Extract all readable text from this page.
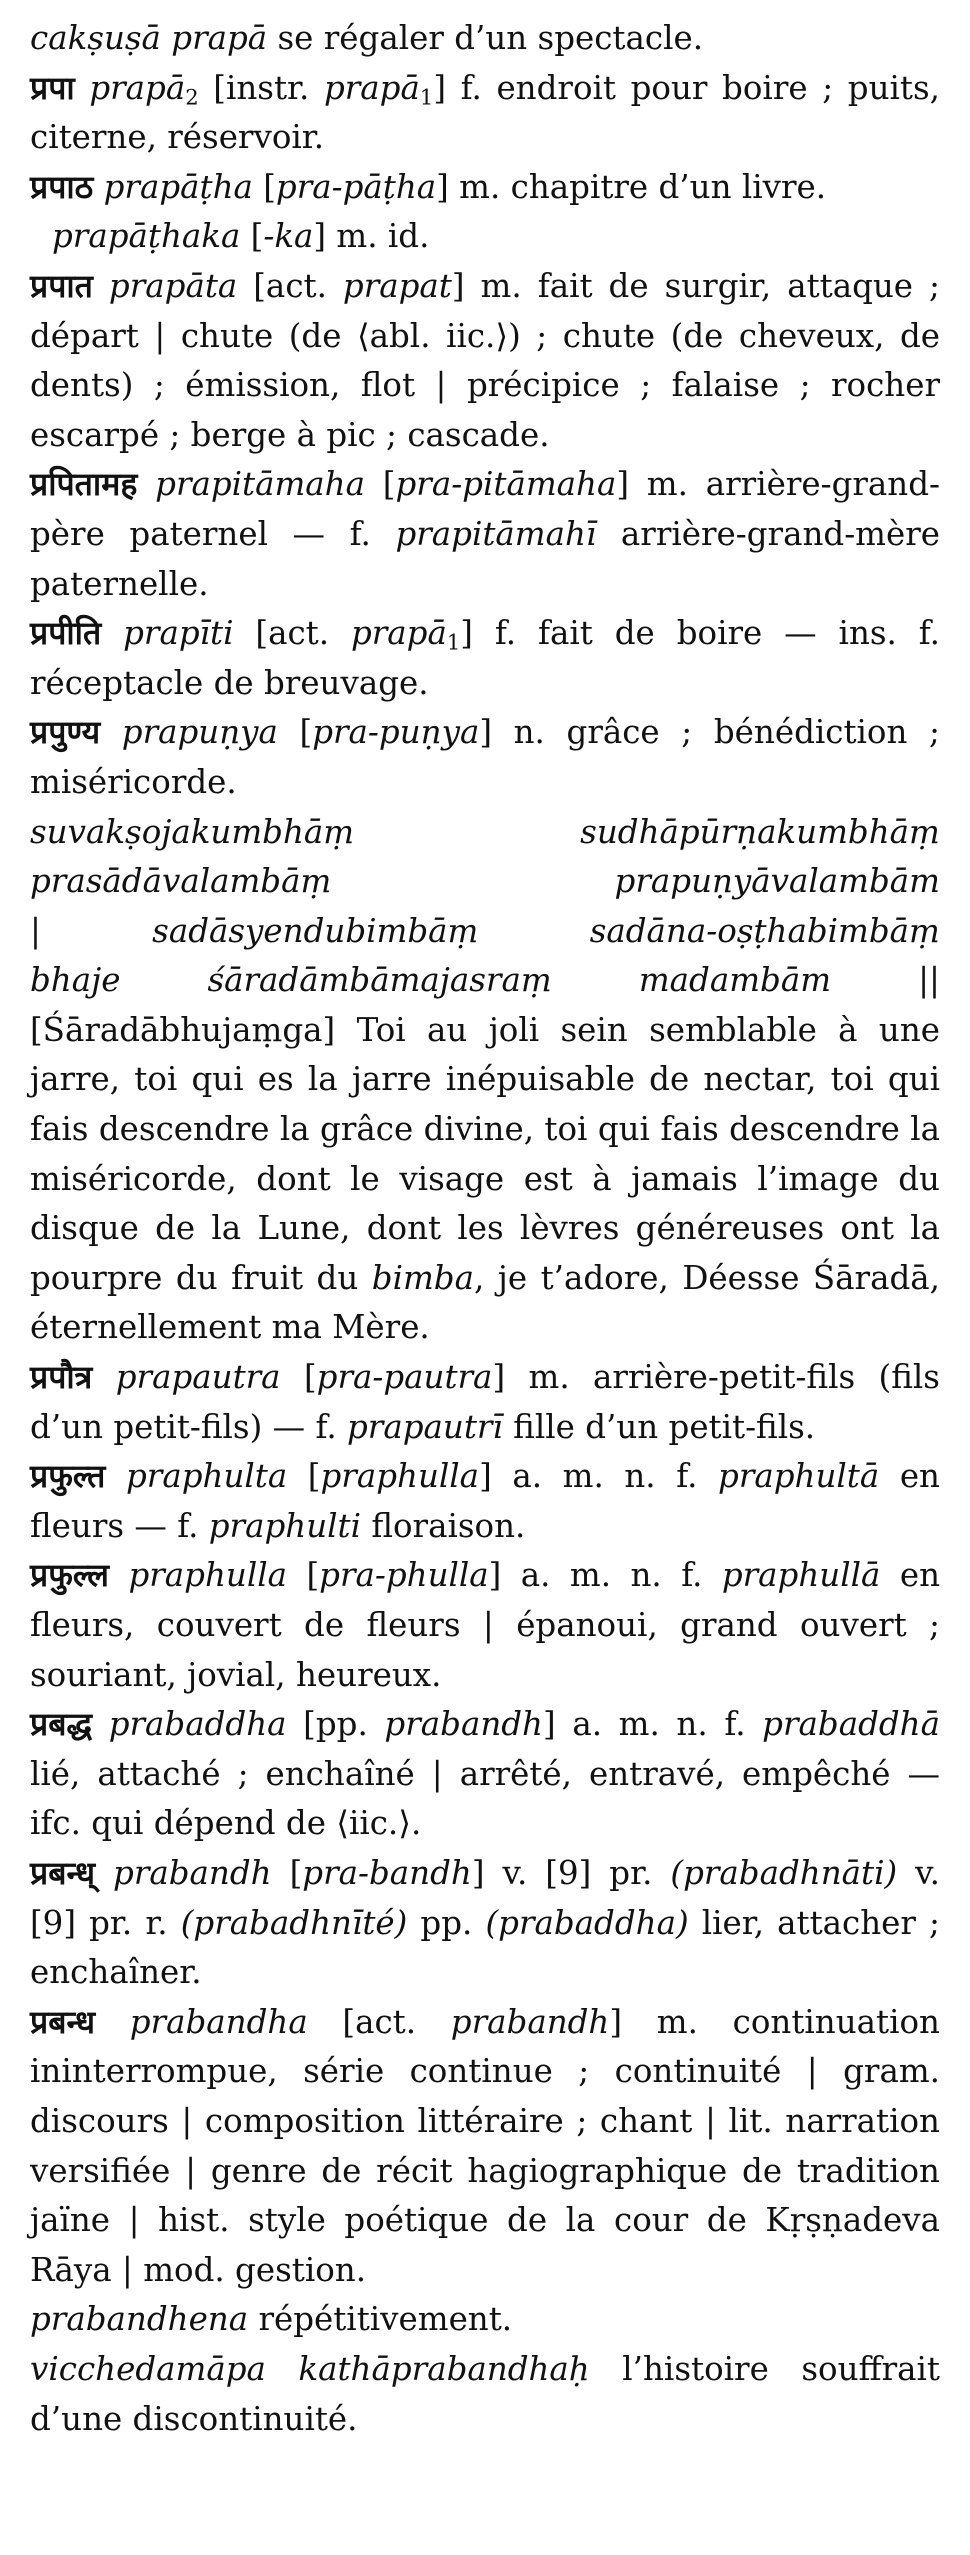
cakṣuṣā prapā se régaler d’un spectacle.

प्रपा prapā$_2$ [instr. prapā$_1$] f. endroit pour boire ; puits, citerne, réservoir.

प्रपाठ prapāṭha [pra-pāṭha] m. chapitre d’un livre.

prapāṭhaka [-ka] m. id.

प्रपात prapāta [act. prapat] m. fait de surgir, attaque ; départ | chute (de ⟨abl. iic.⟩) ; chute (de cheveux, de dents) ; émission, flot | précipice ; falaise ; rocher escarpé ; berge à pic ; cascade.

प्रपितामह prapitāmaha [pra-pitāmaha] m. arrière-grand-père paternel — f. prapitāmahī arrière-grand-mère paternelle.

प्रपीति prapīti [act. prapā$_1$] f. fait de boire — ins. f. réceptacle de breuvage.

प्रपुण्य prapuṇya [pra-puṇya] n. grâce ; bénédiction ; miséricorde.

suvakṣojakumbhāṃ	sudhāpūrṇakumbhāṃ

prasādāvalambāṃ	prapuṇyāvalambām

|	sadāsyendubimbāṃ	sadāna-oṣṭhabimbāṃ

bhaje	śāradāmbāmajasraṃ	madambām	||

[Śāradābhujaṃga] Toi au joli sein semblable à une jarre, toi qui es la jarre inépuisable de nectar, toi qui fais descendre la grâce divine, toi qui fais descendre la miséricorde, dont le visage est à jamais l’image du disque de la Lune, dont les lèvres généreuses ont la pourpre du fruit du bimba, je t’adore, Déesse Śāradā, éternellement ma Mère.

प्रपौत्र prapautra [pra-pautra] m. arrière-petit-fils (fils d’un petit-fils) — f. prapautrī fille d’un petit-fils.

प्रफुल्त praphulta [praphulla] a. m. n. f. praphultā en fleurs — f. praphulti floraison.

प्रफुल्ल praphulla [pra-phulla] a. m. n. f. praphullā en fleurs, couvert de fleurs | épanoui, grand ouvert ; souriant, jovial, heureux.

प्रबद्ध prabaddha [pp. prabandh] a. m. n. f. prabaddhā lié, attaché ; enchaîné | arrêté, entravé, empêché — ifc. qui dépend de ⟨iic.⟩.

प्रबन्ध् prabandh [pra-bandh] v. [9] pr. (prabadhnāti) v. [9] pr. r. (prabadhnīté) pp. (prabaddha) lier, attacher ; enchaîner.

प्रबन्ध prabandha [act. prabandh] m. continuation ininterrompue, série continue ; continuité | gram. discours | composition littéraire ; chant | lit. narration versifiée | genre de récit hagiographique de tradition jaïne | hist. style poétique de la cour de Kṛṣṇadeva Rāya | mod. gestion.

prabandhena répétitivement.

vicchedamāpa kathāprabandhaḥ l’histoire souffrait d’une discontinuité.
